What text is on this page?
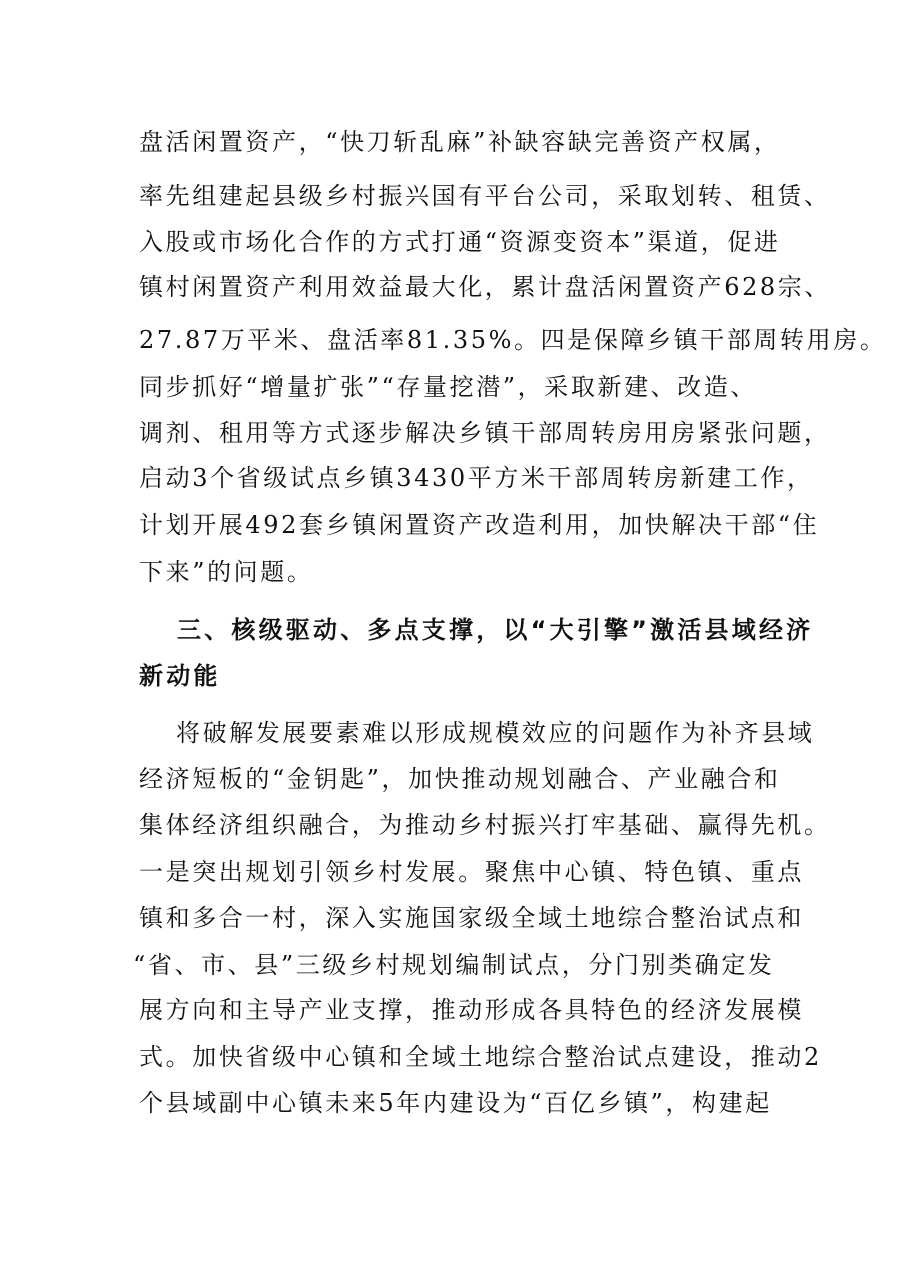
盘活闲置资产，“快刀斩乱麻”补缺容缺完善资产权属，
率先组建起县级乡村振兴国有平台公司，采取划转、租赁、
入股或市场化合作的方式打通“资源变资本”渠道，促进
镇村闲置资产利用效益最大化，累计盘活闲置资产628宗、
27.87万平米、盘活率81.35%。四是保障乡镇干部周转用房。
同步抓好“增量扩张”“存量挖潜”，采取新建、改造、
调剂、租用等方式逐步解决乡镇干部周转房用房紧张问题，
启动3个省级试点乡镇3430平方米干部周转房新建工作，
计划开展492套乡镇闲置资产改造利用，加快解决干部“住
下来”的问题。
三、核级驱动、多点支撑，以“大引擎”激活县域经济
新动能
将破解发展要素难以形成规模效应的问题作为补齐县域
经济短板的“金钥匙”，加快推动规划融合、产业融合和
集体经济组织融合，为推动乡村振兴打牢基础、赢得先机。
一是突出规划引领乡村发展。聚焦中心镇、特色镇、重点
镇和多合一村，深入实施国家级全域土地综合整治试点和
“省、市、县”三级乡村规划编制试点，分门别类确定发
展方向和主导产业支撑，推动形成各具特色的经济发展模
式。加快省级中心镇和全域土地综合整治试点建设，推动2
个县域副中心镇未来5年内建设为“百亿乡镇”，构建起
